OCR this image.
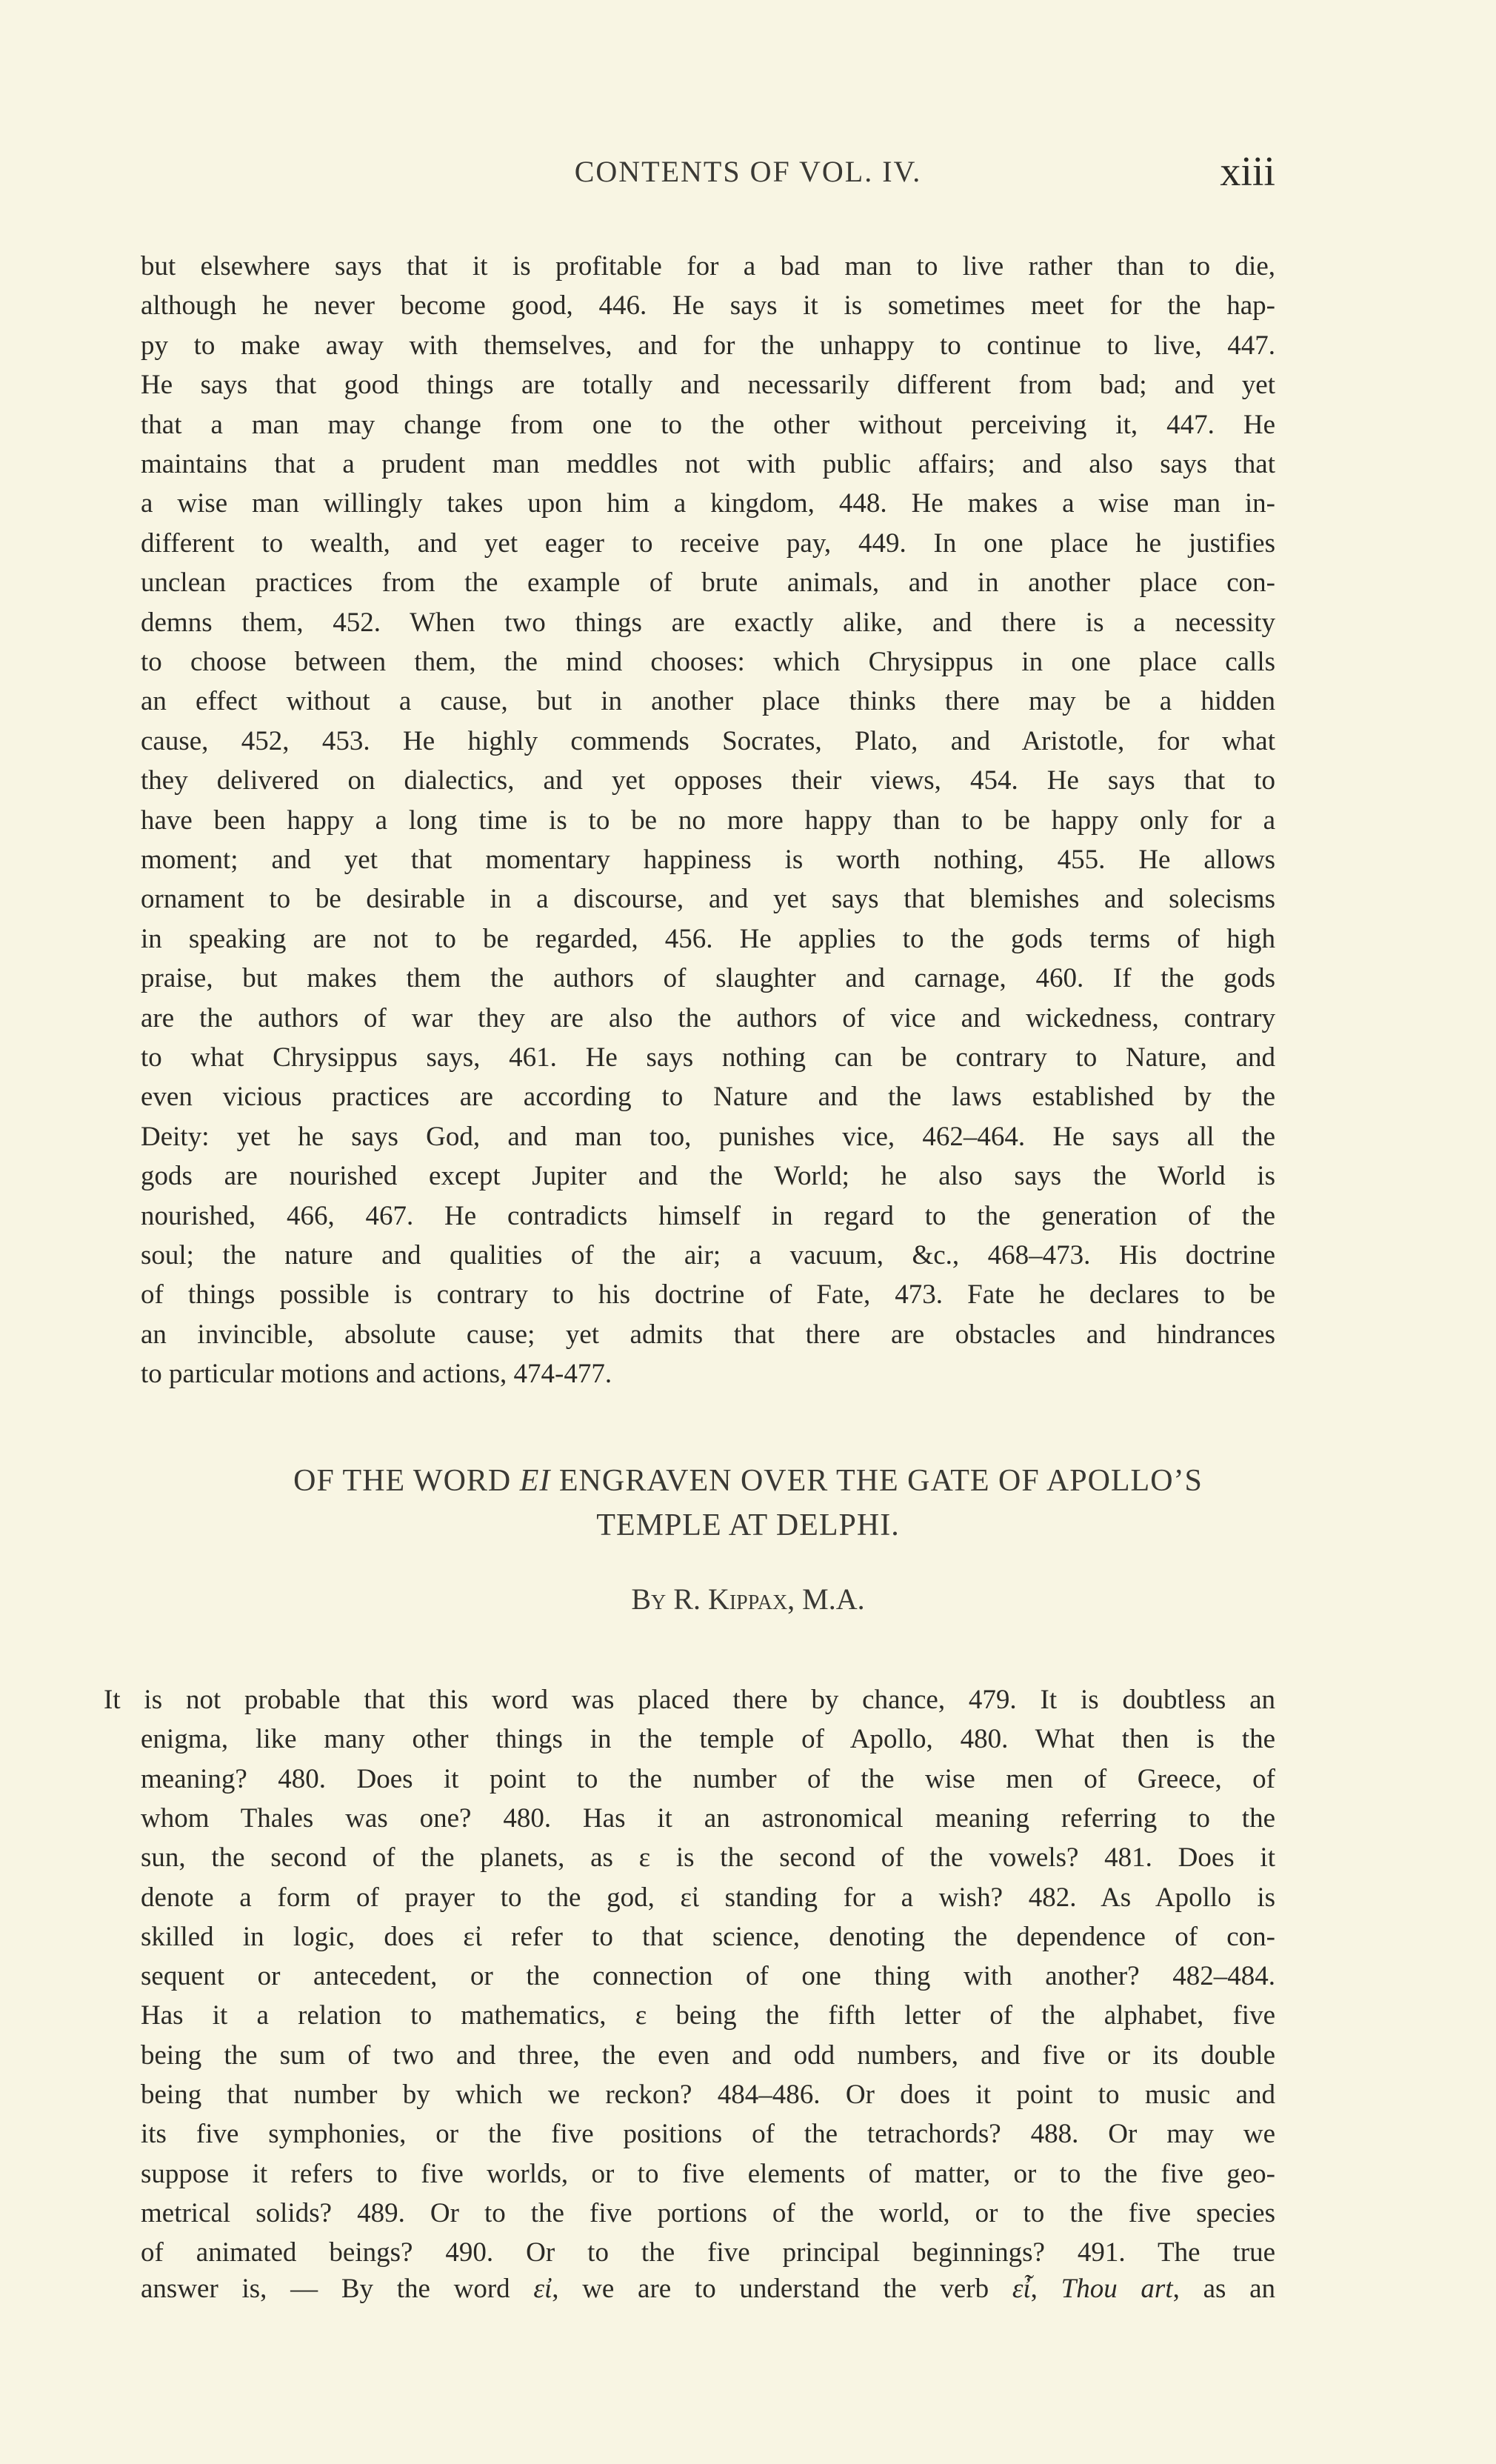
CONTENTS OF VOL. IV.	xiii
but elsewhere says that it is profitable for a bad man to live rather than to die,
although he never become good, 446. He says it is sometimes meet for the hap-
py to make away with themselves, and for the unhappy to continue to live, 447.
He says that good things are totally and necessarily different from bad; and yet
that a man may change from one to the other without perceiving it, 447. He
maintains that a prudent man meddles not with public affairs; and also says that
a wise man willingly takes upon him a kingdom, 448. He makes a wise man in-
different to wealth, and yet eager to receive pay, 449. In one place he justifies
unclean practices from the example of brute animals, and in another place con-
demns them, 452. When two things are exactly alike, and there is a necessity
to choose between them, the mind chooses: which Chrysippus in one place calls
an effect without a cause, but in another place thinks there may be a hidden
cause, 452, 453. He highly commends Socrates, Plato, and Aristotle, for what
they delivered on dialectics, and yet opposes their views, 454. He says that to
have been happy a long time is to be no more happy than to be happy only for a
moment; and yet that momentary happiness is worth nothing, 455. He allows
ornament to be desirable in a discourse, and yet says that blemishes and solecisms
in speaking are not to be regarded, 456. He applies to the gods terms of high
praise, but makes them the authors of slaughter and carnage, 460. If the gods
are the authors of war they are also the authors of vice and wickedness, contrary
to what Chrysippus says, 461. He says nothing can be contrary to Nature, and
even vicious practices are according to Nature and the laws established by the
Deity: yet he says God, and man too, punishes vice, 462–464. He says all the
gods are nourished except Jupiter and the World; he also says the World is
nourished, 466, 467. He contradicts himself in regard to the generation of the
soul; the nature and qualities of the air; a vacuum, &c., 468–473. His doctrine
of things possible is contrary to his doctrine of Fate, 473. Fate he declares to be
an invincible, absolute cause; yet admits that there are obstacles and hindrances
to particular motions and actions, 474-477.
OF THE WORD EI ENGRAVEN OVER THE GATE OF APOLLO’S
TEMPLE AT DELPHI.
By R. Kippax, M.A.
It is not probable that this word was placed there by chance, 479. It is doubtless an
enigma, like many other things in the temple of Apollo, 480. What then is the
meaning? 480. Does it point to the number of the wise men of Greece, of
whom Thales was one? 480. Has it an astronomical meaning referring to the
sun, the second of the planets, as ε is the second of the vowels? 481. Does it
denote a form of prayer to the god, εἰ standing for a wish? 482. As Apollo is
skilled in logic, does εἰ refer to that science, denoting the dependence of con-
sequent or antecedent, or the connection of one thing with another? 482–484.
Has it a relation to mathematics, ε being the fifth letter of the alphabet, five
being the sum of two and three, the even and odd numbers, and five or its double
being that number by which we reckon? 484–486. Or does it point to music and
its five symphonies, or the five positions of the tetrachords? 488. Or may we
suppose it refers to five worlds, or to five elements of matter, or to the five geo-
metrical solids? 489. Or to the five portions of the world, or to the five species
of animated beings? 490. Or to the five principal beginnings? 491. The true
answer is, — By the word εἰ, we are to understand the verb εἶ, Thou art, as an
